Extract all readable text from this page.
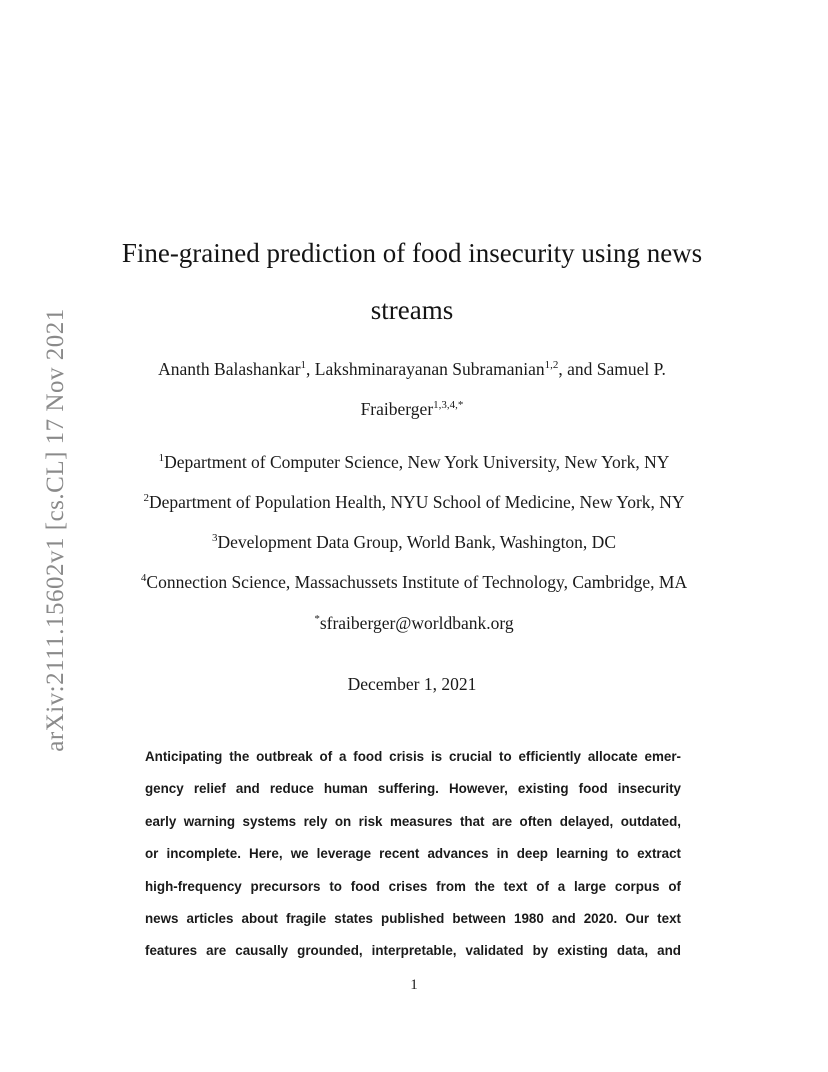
arXiv:2111.15602v1 [cs.CL] 17 Nov 2021
Fine-grained prediction of food insecurity using news
streams
Ananth Balashankar$^1$, Lakshminarayanan Subramanian$^{1,2}$, and Samuel P.
Fraiberger$^{1,3,4,*}$
$^1$Department of Computer Science, New York University, New York, NY
$^2$Department of Population Health, NYU School of Medicine, New York, NY
$^3$Development Data Group, World Bank, Washington, DC
$^4$Connection Science, Massachussets Institute of Technology, Cambridge, MA
*sfraiberger@worldbank.org
December 1, 2021
Anticipating the outbreak of a food crisis is crucial to efficiently allocate emer-
gency relief and reduce human suffering. However, existing food insecurity
early warning systems rely on risk measures that are often delayed, outdated,
or incomplete. Here, we leverage recent advances in deep learning to extract
high-frequency precursors to food crises from the text of a large corpus of
news articles about fragile states published between 1980 and 2020. Our text
features are causally grounded, interpretable, validated by existing data, and
1
